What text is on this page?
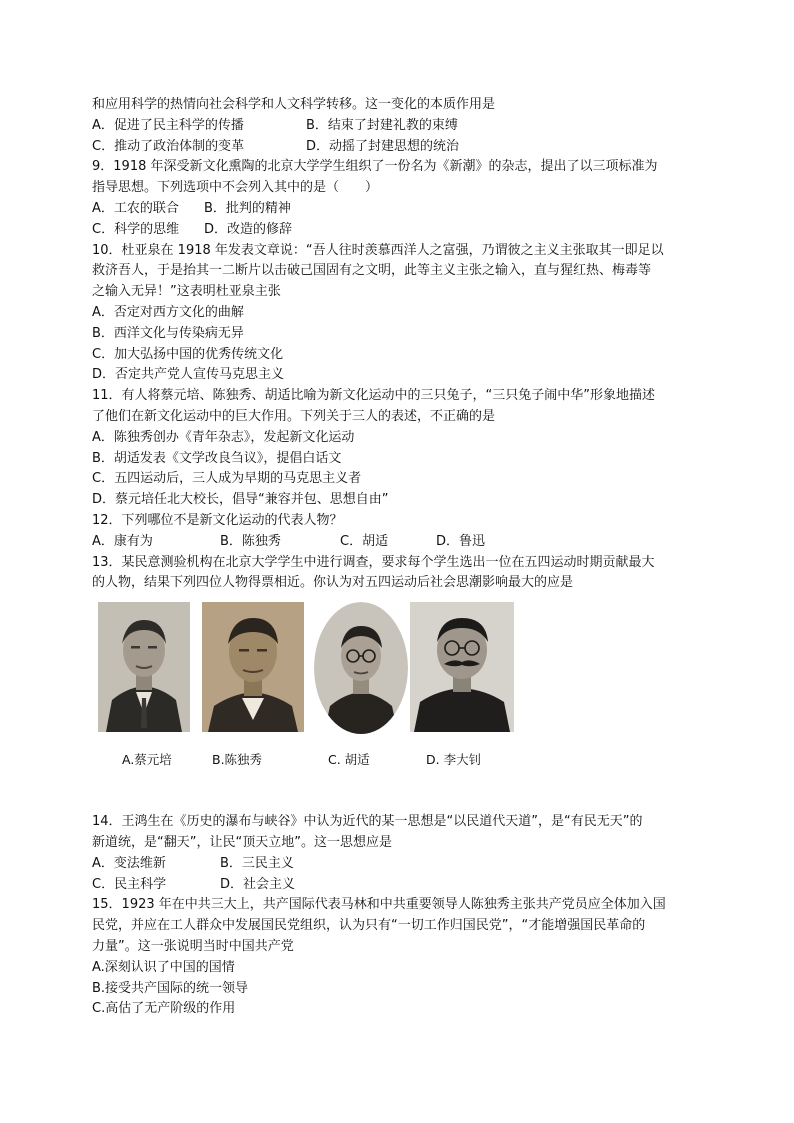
和应用科学的热情向社会科学和人文科学转移。这一变化的本质作用是
A．促进了民主科学的传播	B．结束了封建礼教的束缚
C．推动了政治体制的变革	D．动摇了封建思想的统治
9．1918 年深受新文化熏陶的北京大学学生组织了一份名为《新潮》的杂志，提出了以三项标准为
指导思想。下列选项中不会列入其中的是（　　）
A．工农的联合 B．批判的精神
C．科学的思维 D．改造的修辞
10．杜亚泉在 1918 年发表文章说：“吾人往时羡慕西洋人之富强，乃谓彼之主义主张取其一即足以
救济吾人，于是抬其一二断片以击破己国固有之文明，此等主义主张之输入，直与猩红热、梅毒等
之输入无异！”这表明杜亚泉主张
A．否定对西方文化的曲解
B．西洋文化与传染病无异
C．加大弘扬中国的优秀传统文化
D．否定共产党人宣传马克思主义
11．有人将蔡元培、陈独秀、胡适比喻为新文化运动中的三只兔子，“三只兔子闹中华”形象地描述
了他们在新文化运动中的巨大作用。下列关于三人的表述，不正确的是
A．陈独秀创办《青年杂志》，发起新文化运动
B．胡适发表《文学改良刍议》，提倡白话文
C．五四运动后，三人成为早期的马克思主义者
D．蔡元培任北大校长，倡导“兼容并包、思想自由”
12．下列哪位不是新文化运动的代表人物？
A．康有为	B．陈独秀	C．胡适	D．鲁迅
13．某民意测验机构在北京大学学生中进行调查，要求每个学生选出一位在五四运动时期贡献最大
的人物，结果下列四位人物得票相近。你认为对五四运动后社会思潮影响最大的应是
A.蔡元培	B.陈独秀	C. 胡适	D. 李大钊
14．王鸿生在《历史的瀑布与峡谷》中认为近代的某一思想是“以民道代天道”，是“有民无天”的
新道统，是“翻天”，让民“顶天立地”。这一思想应是
A．变法维新	B．三民主义
C．民主科学	D．社会主义
15．1923 年在中共三大上，共产国际代表马林和中共重要领导人陈独秀主张共产党员应全体加入国
民党，并应在工人群众中发展国民党组织，认为只有“一切工作归国民党”，“才能增强国民革命的
力量”。这一张说明当时中国共产党
A.深刻认识了中国的国情
B.接受共产国际的统一领导
C.高估了无产阶级的作用
